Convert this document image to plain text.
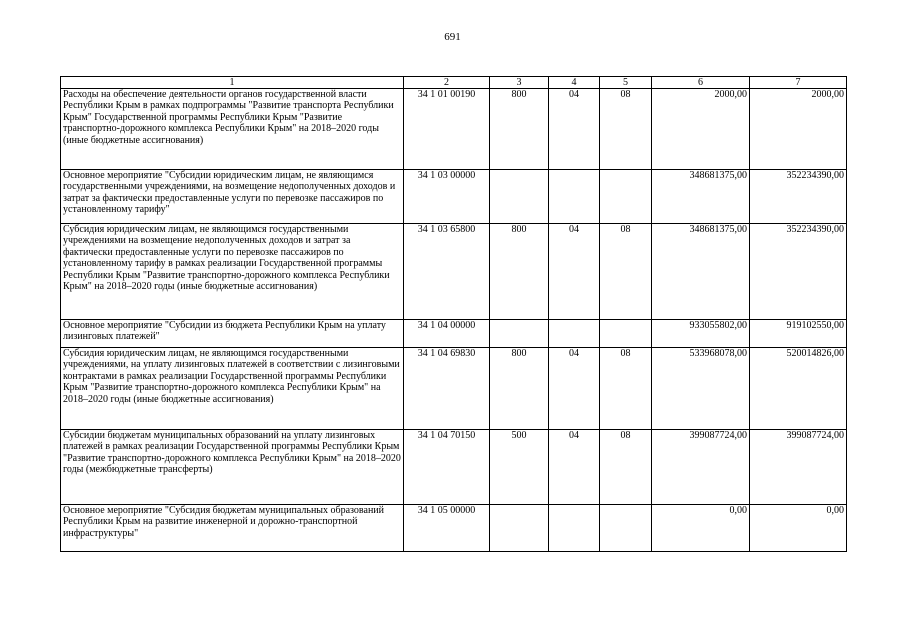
691
1	2	3	4	5	6	7
Расходы на обеспечение деятельности органов государственной власти Республики Крым в рамках подпрограммы "Развитие транспорта Республики Крым" Государственной программы Республики Крым "Развитие транспортно-дорожного комплекса Республики Крым" на 2018–2020 годы (иные бюджетные ассигнования)	34 1 01 00190	800	04	08	2000,00	2000,00
Основное мероприятие "Субсидии юридическим лицам, не являющимся государственными учреждениями, на возмещение недополученных доходов и затрат за фактически предоставленные услуги по перевозке пассажиров по установленному тарифу"	34 1 03 00000				348681375,00	352234390,00
Субсидия юридическим лицам, не являющимся государственными учреждениями на возмещение недополученных доходов и затрат за фактически предоставленные услуги по перевозке пассажиров по установленному тарифу в рамках реализации Государственной программы Республики Крым "Развитие транспортно-дорожного комплекса Республики Крым" на 2018–2020 годы (иные бюджетные ассигнования)	34 1 03 65800	800	04	08	348681375,00	352234390,00
Основное мероприятие "Субсидии из бюджета Республики Крым на уплату лизинговых платежей"	34 1 04 00000				933055802,00	919102550,00
Субсидия юридическим лицам, не являющимся государственными учреждениями, на уплату лизинговых платежей в соответствии с лизинговыми контрактами в рамках реализации Государственной программы Республики Крым "Развитие транспортно-дорожного комплекса Республики Крым" на 2018–2020 годы (иные бюджетные ассигнования)	34 1 04 69830	800	04	08	533968078,00	520014826,00
Субсидии бюджетам муниципальных образований на уплату лизинговых платежей в рамках реализации Государственной программы Республики Крым "Развитие транспортно-дорожного комплекса Республики Крым" на 2018–2020 годы (межбюджетные трансферты)	34 1 04 70150	500	04	08	399087724,00	399087724,00
Основное мероприятие "Субсидия бюджетам муниципальных образований Республики Крым на развитие инженерной и дорожно-транспортной инфраструктуры"	34 1 05 00000				0,00	0,00
